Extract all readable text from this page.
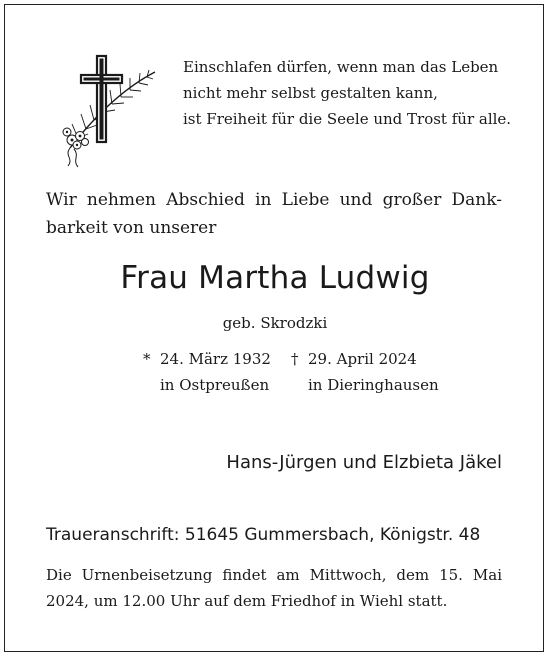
Einschlafen dürfen, wenn man das Leben
nicht mehr selbst gestalten kann,
ist Freiheit für die Seele und Trost für alle.
Wir nehmen Abschied in Liebe und großer Dank-
barkeit von unserer
Frau Martha Ludwig
geb. Skrodzki
* 24. März 1932
in Ostpreußen
† 29. April 2024
in Dieringhausen
Hans-Jürgen und Elzbieta Jäkel
Traueranschrift: 51645 Gummersbach, Königstr. 48
Die Urnenbeisetzung findet am Mittwoch, dem 15. Mai
2024, um 12.00 Uhr auf dem Friedhof in Wiehl statt.
